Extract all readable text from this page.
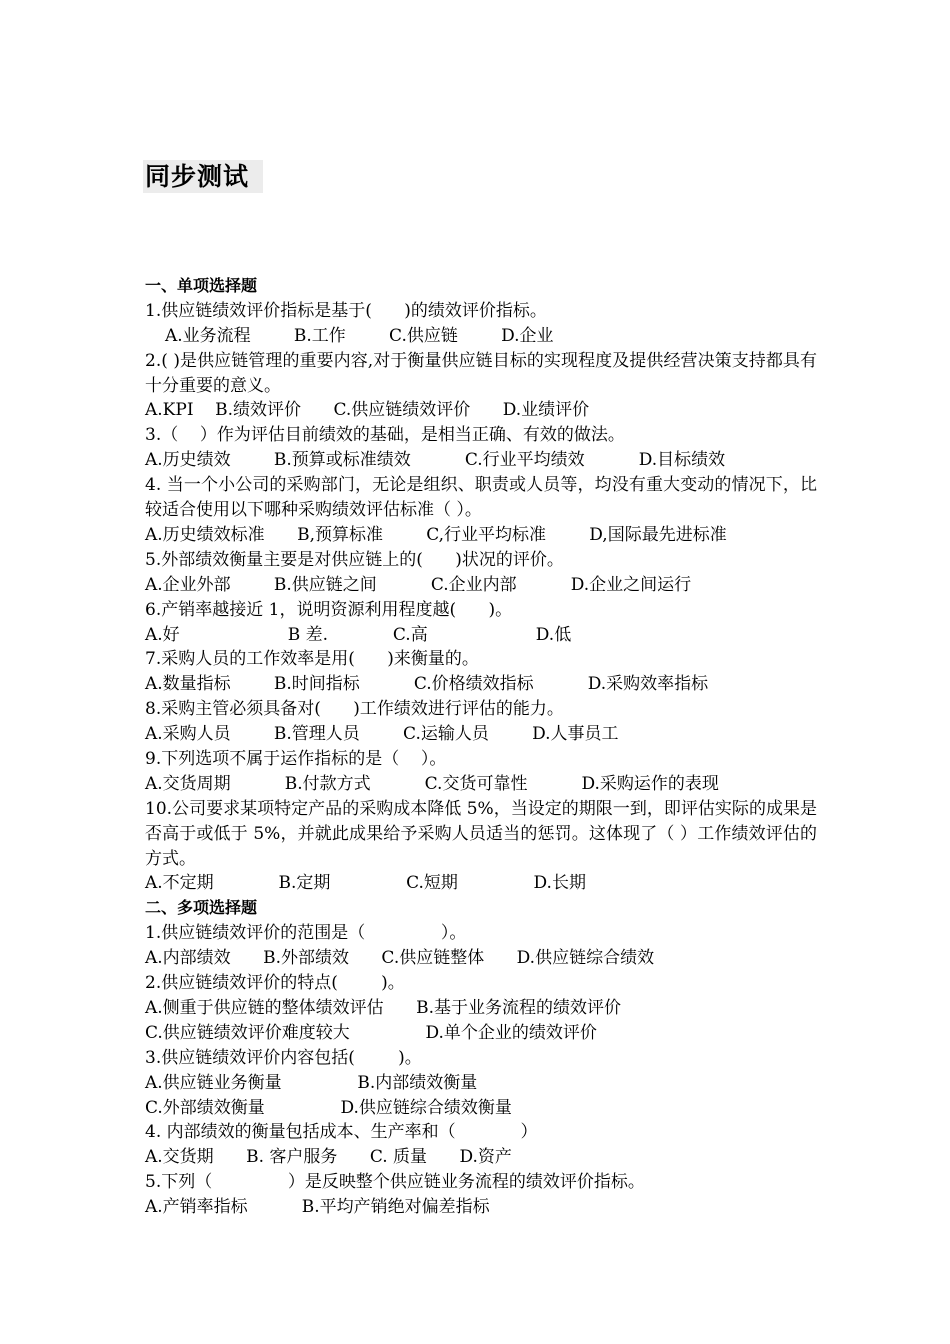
同步测试
一、单项选择题
1.供应链绩效评价指标是基于(      )的绩效评价指标。
A.业务流程        B.工作        C.供应链        D.企业
2.( )是供应链管理的重要内容,对于衡量供应链目标的实现程度及提供经营决策支持都具有十分重要的意义。
A.KPI    B.绩效评价      C.供应链绩效评价      D.业绩评价
3.（    ）作为评估目前绩效的基础，是相当正确、有效的做法。
A.历史绩效        B.预算或标准绩效          C.行业平均绩效          D.目标绩效
4. 当一个小公司的采购部门，无论是组织、职责或人员等，均没有重大变动的情况下，比较适合使用以下哪种采购绩效评估标准（ ）。
A.历史绩效标准      B,预算标准        C,行业平均标准        D,国际最先进标准
5.外部绩效衡量主要是对供应链上的(      )状况的评价。
A.企业外部        B.供应链之间          C.企业内部          D.企业之间运行
6.产销率越接近 1，说明资源利用程度越(      )。
A.好                    B 差.            C.高                    D.低
7.采购人员的工作效率是用(      )来衡量的。
A.数量指标        B.时间指标          C.价格绩效指标          D.采购效率指标
8.采购主管必须具备对(      )工作绩效进行评估的能力。
A.采购人员        B.管理人员        C.运输人员        D.人事员工
9.下列选项不属于运作指标的是（    ）。
A.交货周期          B.付款方式          C.交货可靠性          D.采购运作的表现
10.公司要求某项特定产品的采购成本降低 5%，当设定的期限一到，即评估实际的成果是否高于或低于 5%，并就此成果给予采购人员适当的惩罚。这体现了（ ）工作绩效评估的方式。
A.不定期            B.定期              C.短期              D.长期
二、多项选择题
1.供应链绩效评价的范围是（              ）。
A.内部绩效      B.外部绩效      C.供应链整体      D.供应链综合绩效
2.供应链绩效评价的特点(        )。
A.侧重于供应链的整体绩效评估      B.基于业务流程的绩效评价
C.供应链绩效评价难度较大              D.单个企业的绩效评价
3.供应链绩效评价内容包括(        )。
A.供应链业务衡量              B.内部绩效衡量
C.外部绩效衡量              D.供应链综合绩效衡量
4. 内部绩效的衡量包括成本、生产率和（            ）
A.交货期      B. 客户服务      C. 质量      D.资产
5.下列（              ）是反映整个供应链业务流程的绩效评价指标。
A.产销率指标          B.平均产销绝对偏差指标
